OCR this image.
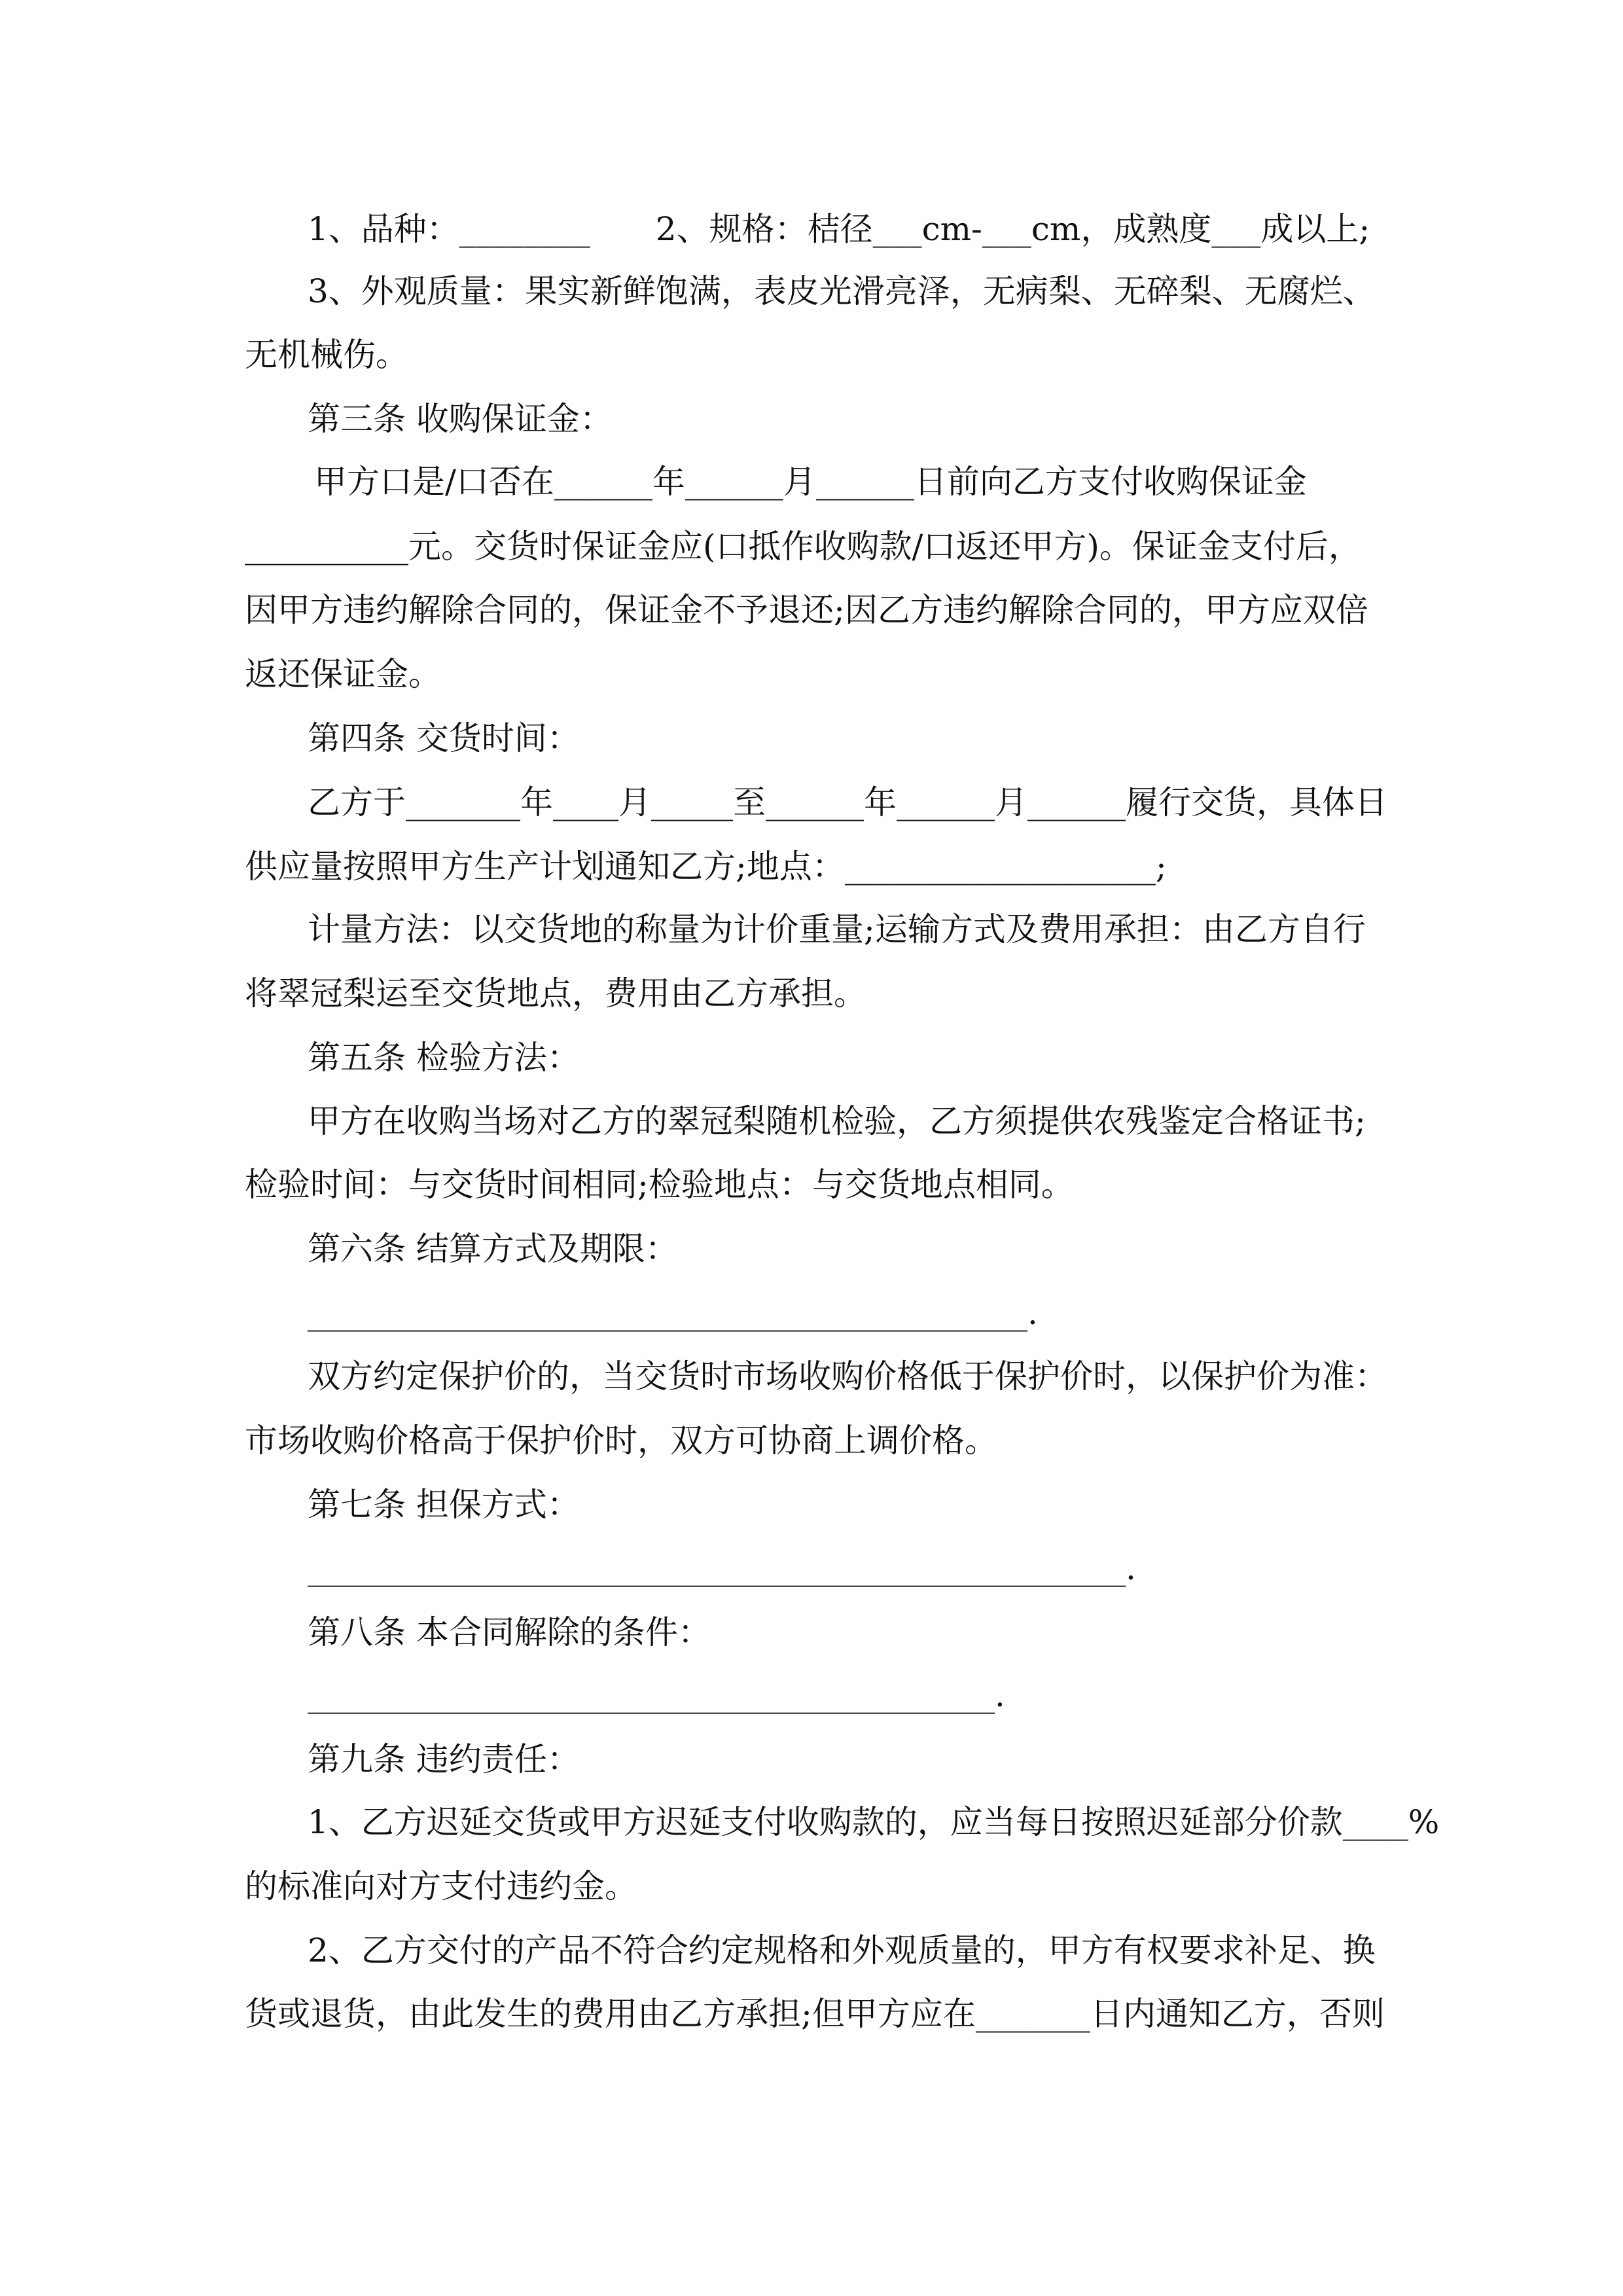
1、品种：________　　2、规格：桔径___cm-___cm，成熟度___成以上;
3、外观质量：果实新鲜饱满，表皮光滑亮泽，无病梨、无碎梨、无腐烂、
无机械伤。
第三条 收购保证金：
甲方口是/口否在______年______月______日前向乙方支付收购保证金
__________元。交货时保证金应(口抵作收购款/口返还甲方)。保证金支付后，
因甲方违约解除合同的，保证金不予退还;因乙方违约解除合同的，甲方应双倍
返还保证金。
第四条 交货时间：
乙方于_______年____月_____至______年______月______履行交货，具体日
供应量按照甲方生产计划通知乙方;地点：___________________;
计量方法：以交货地的称量为计价重量;运输方式及费用承担：由乙方自行
将翠冠梨运至交货地点，费用由乙方承担。
第五条 检验方法：
甲方在收购当场对乙方的翠冠梨随机检验，乙方须提供农残鉴定合格证书;
检验时间：与交货时间相同;检验地点：与交货地点相同。
第六条 结算方式及期限：
____________________________________________.
双方约定保护价的，当交货时市场收购价格低于保护价时，以保护价为准：
市场收购价格高于保护价时，双方可协商上调价格。
第七条 担保方式：
__________________________________________________.
第八条 本合同解除的条件：
__________________________________________.
第九条 违约责任：
1、乙方迟延交货或甲方迟延支付收购款的，应当每日按照迟延部分价款____%
的标准向对方支付违约金。
2、乙方交付的产品不符合约定规格和外观质量的，甲方有权要求补足、换
货或退货，由此发生的费用由乙方承担;但甲方应在_______日内通知乙方，否则
